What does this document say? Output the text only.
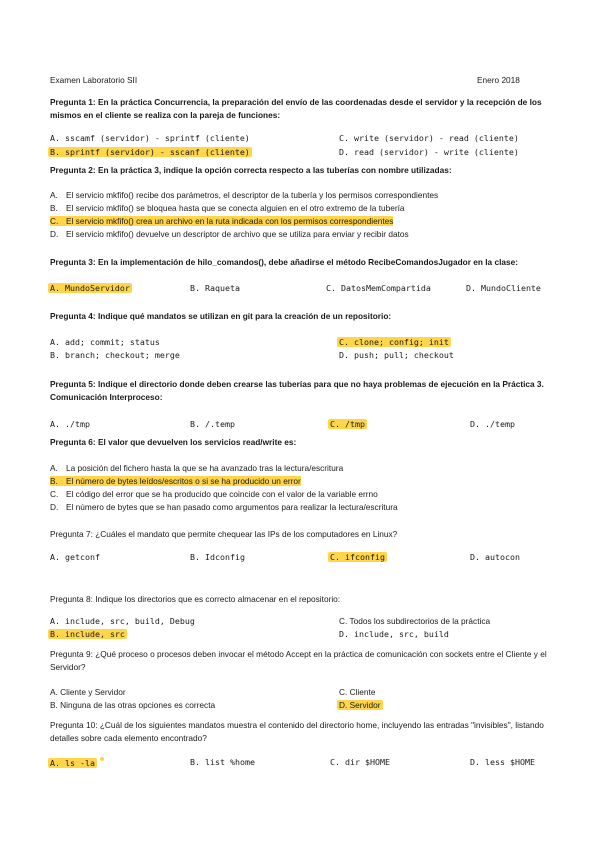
Examen Laboratorio SII	Enero 2018
Pregunta 1: En la práctica Concurrencia, la preparación del envío de las coordenadas desde el servidor y la recepción de los mismos en el cliente se realiza con la pareja de funciones:
A. sscamf (servidor) - sprintf (cliente)	C. write (servidor) - read (cliente)
B. sprintf (servidor) - sscanf (cliente)	D. read (servidor) - write (cliente)
Pregunta 2: En la práctica 3, indique la opción correcta respecto a las tuberías con nombre utilizadas:
A. El servicio mkfifo() recibe dos parámetros, el descriptor de la tubería y los permisos correspondientes
B. El servicio mkfifo() se bloquea hasta que se conecta alguien en el otro extremo de la tubería
C. El servicio mkfifo() crea un archivo en la ruta indicada con los permisos correspondientes
D. El servicio mkfifo() devuelve un descriptor de archivo que se utiliza para enviar y recibir datos
Pregunta 3: En la implementación de hilo_comandos(), debe añadirse el método RecibeComandosJugador en la clase:
A. MundoServidor	B. Raqueta	C. DatosMemCompartida	D. MundoCliente
Pregunta 4: Indique qué mandatos se utilizan en git para la creación de un repositorio:
A. add; commit; status	C. clone; config; init
B. branch; checkout; merge	D. push; pull; checkout
Pregunta 5: Indique el directorio donde deben crearse las tuberías para que no haya problemas de ejecución en la Práctica 3. Comunicación Interproceso:
A. ./tmp	B. /.temp	C. /tmp	D. ./temp
Pregunta 6: El valor que devuelven los servicios read/write es:
A. La posición del fichero hasta la que se ha avanzado tras la lectura/escritura
B. El número de bytes leídos/escritos o si se ha producido un error
C. El código del error que se ha producido que coincide con el valor de la variable errno
D. El número de bytes que se han pasado como argumentos para realizar la lectura/escritura
Pregunta 7: ¿Cuáles el mandato que permite chequear las IPs de los computadores en Linux?
A. getconf	B. Idconfig	C. ifconfig	D. autocon
Pregunta 8: Indique los directorios que es correcto almacenar en el repositorio:
A. include, src, build, Debug	C. Todos los subdirectorios de la práctica
B. include, src	D. include, src, build
Pregunta 9: ¿Qué proceso o procesos deben invocar el método Accept en la práctica de comunicación con sockets entre el Cliente y el Servidor?
A. Cliente y Servidor	C. Cliente
B. Ninguna de las otras opciones es correcta	D. Servidor
Pregunta 10: ¿Cuál de los siguientes mandatos muestra el contenido del directorio home, incluyendo las entradas "invisibles", listando detalles sobre cada elemento encontrado?
A. ls -la	B. list %home	C. dir $HOME	D. less $HOME
